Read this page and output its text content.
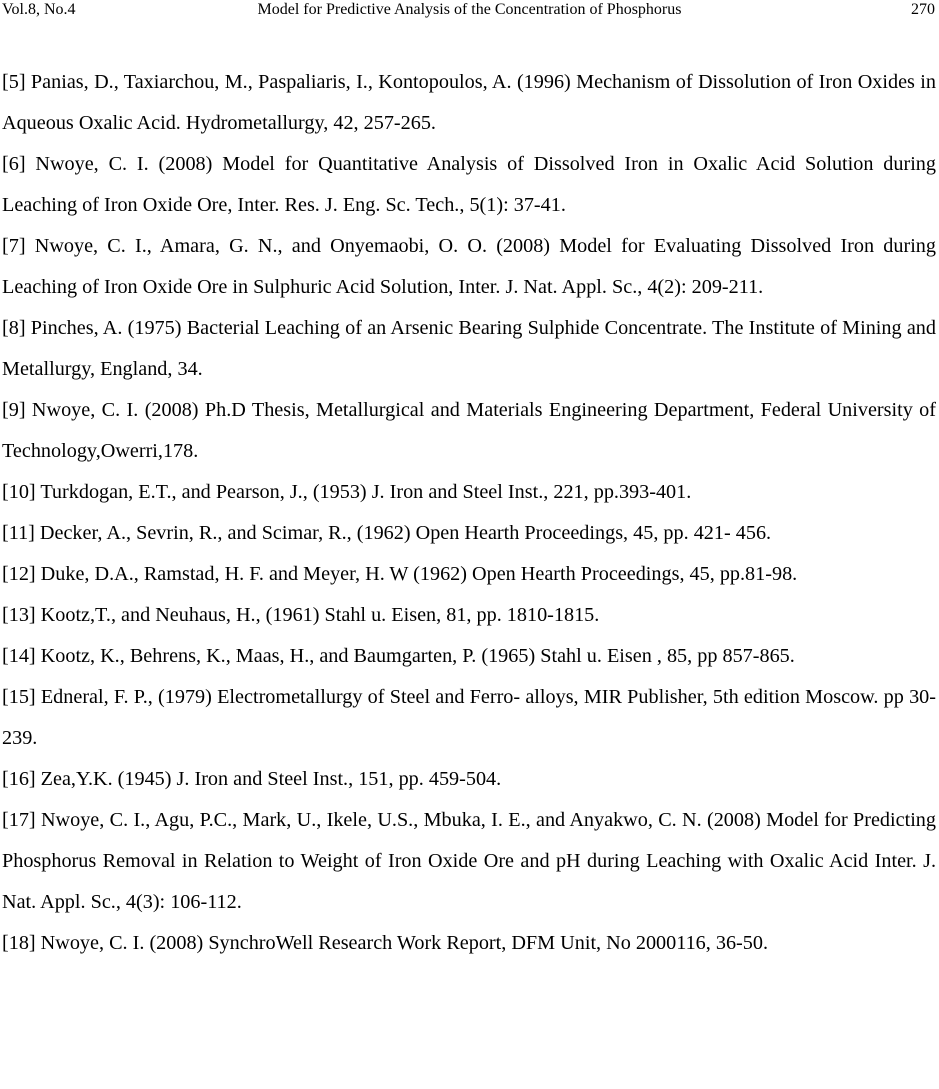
Model for Predictive Analysis of the Concentration of Phosphorus
Vol.8, No.4	270

[5] Panias, D., Taxiarchou, M., Paspaliaris, I., Kontopoulos, A. (1996) Mechanism of Dissolution of Iron Oxides in Aqueous Oxalic Acid. Hydrometallurgy, 42, 257-265.

[6] Nwoye, C. I. (2008) Model for Quantitative Analysis of Dissolved Iron in Oxalic Acid Solution during Leaching of Iron Oxide Ore, Inter. Res. J. Eng. Sc. Tech., 5(1): 37-41.

[7] Nwoye, C. I., Amara, G. N., and Onyemaobi, O. O. (2008) Model for Evaluating Dissolved Iron during Leaching of Iron Oxide Ore in Sulphuric Acid Solution, Inter. J. Nat. Appl. Sc., 4(2): 209-211.

[8] Pinches, A. (1975) Bacterial Leaching of an Arsenic Bearing Sulphide Concentrate. The Institute of Mining and Metallurgy, England, 34.

[9] Nwoye, C. I. (2008) Ph.D Thesis, Metallurgical and Materials Engineering Department, Federal University of Technology,Owerri,178.

[10] Turkdogan, E.T., and Pearson, J., (1953) J. Iron and Steel Inst., 221, pp.393-401.

[11] Decker, A., Sevrin, R., and Scimar, R., (1962) Open Hearth Proceedings, 45, pp. 421- 456.

[12] Duke, D.A., Ramstad, H. F. and Meyer, H. W (1962) Open Hearth Proceedings, 45, pp.81-98.

[13] Kootz,T., and Neuhaus, H., (1961) Stahl u. Eisen, 81, pp. 1810-1815.

[14] Kootz, K., Behrens, K., Maas, H., and Baumgarten, P. (1965) Stahl u. Eisen , 85, pp 857-865.

[15] Edneral, F. P., (1979) Electrometallurgy of Steel and Ferro- alloys, MIR Publisher, 5th edition Moscow. pp 30-239.

[16] Zea,Y.K. (1945) J. Iron and Steel Inst., 151, pp. 459-504.

[17] Nwoye, C. I., Agu, P.C., Mark, U., Ikele, U.S., Mbuka, I. E., and Anyakwo, C. N. (2008) Model for Predicting Phosphorus Removal in Relation to Weight of Iron Oxide Ore and pH during Leaching with Oxalic Acid Inter. J. Nat. Appl. Sc., 4(3): 106-112.

[18] Nwoye, C. I. (2008) SynchroWell Research Work Report, DFM Unit, No 2000116, 36-50.
